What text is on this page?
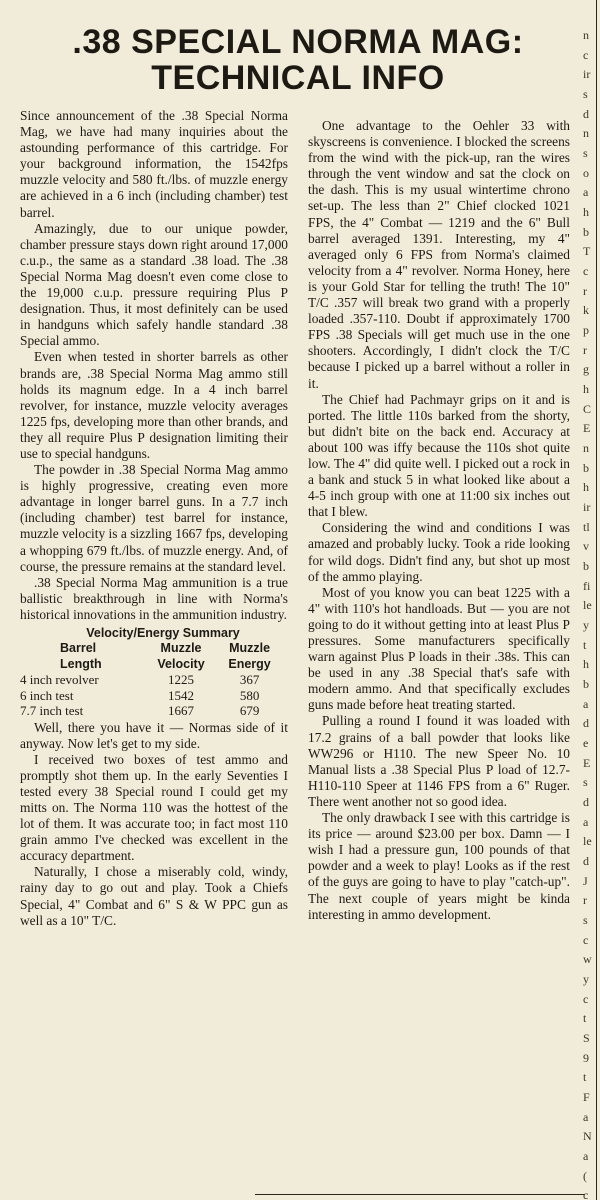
.38 SPECIAL NORMA MAG:
TECHNICAL INFO

Since announcement of the .38 Special Norma Mag, we have had many inquiries about the astounding performance of this cartridge. For your background information, the 1542fps muzzle velocity and 580 ft./lbs. of muzzle energy are achieved in a 6 inch (including chamber) test barrel.

Amazingly, due to our unique powder, chamber pressure stays down right around 17,000 c.u.p., the same as a standard .38 load. The .38 Special Norma Mag doesn't even come close to the 19,000 c.u.p. pressure requiring Plus P designation. Thus, it most definitely can be used in handguns which safely handle standard .38 Special ammo.

Even when tested in shorter barrels as other brands are, .38 Special Norma Mag ammo still holds its magnum edge. In a 4 inch barrel revolver, for instance, muzzle velocity averages 1225 fps, developing more than other brands, and they all require Plus P designation limiting their use to special handguns.

The powder in .38 Special Norma Mag ammo is highly progressive, creating even more advantage in longer barrel guns. In a 7.7 inch (including chamber) test barrel for instance, muzzle velocity is a sizzling 1667 fps, developing a whopping 679 ft./lbs. of muzzle energy. And, of course, the pressure remains at the standard level.

.38 Special Norma Mag ammunition is a true ballistic breakthrough in line with Norma's historical innovations in the ammunition industry.

Velocity/Energy Summary
Barrel	Muzzle	Muzzle
Length	Velocity	Energy
4 inch revolver	1225	367
6 inch test	1542	580
7.7 inch test	1667	679

Well, there you have it — Normas side of it anyway. Now let's get to my side.

I received two boxes of test ammo and promptly shot them up. In the early Seventies I tested every 38 Special round I could get my mitts on. The Norma 110 was the hottest of the lot of them. It was accurate too; in fact most 110 grain ammo I've checked was excellent in the accuracy department.

Naturally, I chose a miserably cold, windy, rainy day to go out and play. Took a Chiefs Special, 4" Combat and 6" S & W PPC gun as well as a 10" T/C.

One advantage to the Oehler 33 with skyscreens is convenience. I blocked the screens from the wind with the pick-up, ran the wires through the vent window and sat the clock on the dash. This is my usual wintertime chrono set-up. The less than 2" Chief clocked 1021 FPS, the 4" Combat — 1219 and the 6" Bull barrel averaged 1391. Interesting, my 4" averaged only 6 FPS from Norma's claimed velocity from a 4" revolver. Norma Honey, here is your Gold Star for telling the truth! The 10" T/C .357 will break two grand with a properly loaded .357-110. Doubt if approximately 1700 FPS .38 Specials will get much use in the one shooters. Accordingly, I didn't clock the T/C because I picked up a barrel without a roller in it.

The Chief had Pachmayr grips on it and is ported. The little 110s barked from the shorty, but didn't bite on the back end. Accuracy at about 100 was iffy because the 110s shot quite low. The 4" did quite well. I picked out a rock in a bank and stuck 5 in what looked like about a 4-5 inch group with one at 11:00 six inches out that I blew.

Considering the wind and conditions I was amazed and probably lucky. Took a ride looking for wild dogs. Didn't find any, but shot up most of the ammo playing.

Most of you know you can beat 1225 with a 4" with 110's hot handloads. But — you are not going to do it without getting into at least Plus P pressures. Some manufacturers specifically warn against Plus P loads in their .38s. This can be used in any .38 Special that's safe with modern ammo. And that specifically excludes guns made before heat treating started.

Pulling a round I found it was loaded with 17.2 grains of a ball powder that looks like WW296 or H110. The new Speer No. 10 Manual lists a .38 Special Plus P load of 12.7-H110-110 Speer at 1146 FPS from a 6" Ruger. There went another not so good idea.

The only drawback I see with this cartridge is its price — around $23.00 per box. Damn — I wish I had a pressure gun, 100 pounds of that powder and a week to play! Looks as if the rest of the guys are going to have to play "catch-up". The next couple of years might be kinda interesting in ammo development.

n
c
ir
s
d
n
s
o
a
h
b
T
c
r
k
p
r
g
h
C
E
n
b
h
ir
tl
v
b
fi
le
y
t
h
b
a
d
e
E
s
d
a
le
d
J
r
s
c
w
y
c
t
S
9
t
F
a
N
a
(
c
